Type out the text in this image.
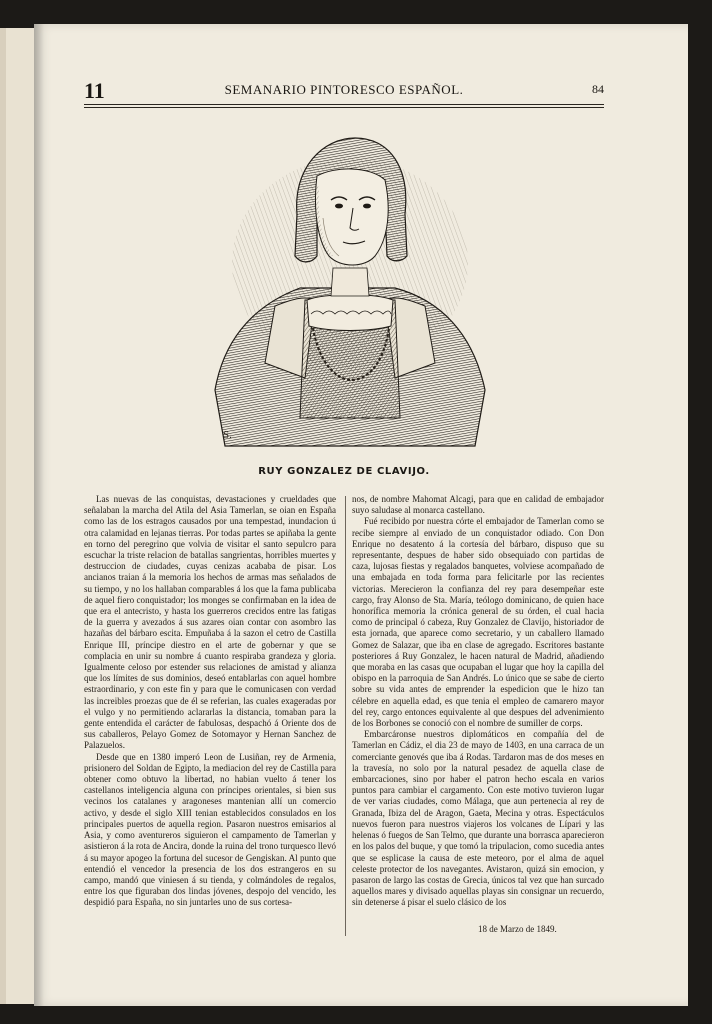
11	SEMANARIO PINTORESCO ESPAÑOL.	84
S.
RUY GONZALEZ DE CLAVIJO.

Las nuevas de las conquistas, devastaciones y crueldades que señalaban la marcha del Atila del Asia Tamerlan, se oian en España como las de los estragos causados por una tempestad, inundacion ú otra calamidad en lejanas tierras. Por todas partes se apiñaba la gente en torno del peregrino que volvia de visitar el santo sepulcro para escuchar la triste relacion de batallas sangrientas, horribles muertes y destruccion de ciudades, cuyas cenizas acababa de pisar. Los ancianos traian á la memoria los hechos de armas mas señalados de su tiempo, y no los hallaban comparables á los que la fama publicaba de aquel fiero conquistador; los monges se confirmaban en la idea de que era el antecristo, y hasta los guerreros crecidos entre las fatigas de la guerra y avezados á sus azares oian contar con asombro las hazañas del bárbaro escita. Empuñaba á la sazon el cetro de Castilla Enrique III, príncipe diestro en el arte de gobernar y que se complacia en unir su nombre á cuanto respiraba grandeza y gloria. Igualmente celoso por estender sus relaciones de amistad y alianza que los límites de sus dominios, deseó entablarlas con aquel hombre estraordinario, y con este fin y para que le comunicasen con verdad las increibles proezas que de él se referian, las cuales exageradas por el vulgo y no permitiendo aclararlas la distancia, tomaban para la gente entendida el carácter de fabulosas, despachó á Oriente dos de sus caballeros, Pelayo Gomez de Sotomayor y Hernan Sanchez de Palazuelos.

Desde que en 1380 imperó Leon de Lusiñan, rey de Armenia, prisionero del Soldan de Egipto, la mediacion del rey de Castilla para obtener como obtuvo la libertad, no habian vuelto á tener los castellanos inteligencia alguna con príncipes orientales, si bien sus vecinos los catalanes y aragoneses mantenian allí un comercio activo, y desde el siglo XIII tenian establecidos consulados en los principales puertos de aquella region. Pasaron nuestros emisarios al Asia, y como aventureros siguieron el campamento de Tamerlan y asistieron á la rota de Ancira, donde la ruina del trono turquesco llevó á su mayor apogeo la fortuna del sucesor de Gengiskan. Al punto que entendió el vencedor la presencia de los dos estrangeros en su campo, mandó que viniesen á su tienda, y colmándoles de regalos, entre los que figuraban dos lindas jóvenes, despojo del vencido, les despidió para España, no sin juntarles uno de sus cortesa-

nos, de nombre Mahomat Alcagi, para que en calidad de embajador suyo saludase al monarca castellano.

Fué recibido por nuestra córte el embajador de Tamerlan como se recibe siempre al enviado de un conquistador odiado. Con Don Enrique no desatento á la cortesía del bárbaro, dispuso que su representante, despues de haber sido obsequiado con partidas de caza, lujosas fiestas y regalados banquetes, volviese acompañado de una embajada en toda forma para felicitarle por las recientes victorias. Merecieron la confianza del rey para desempeñar este cargo, fray Alonso de Sta. María, teólogo dominicano, de quien hace honorífica memoria la crónica general de su órden, el cual hacia como de principal ó cabeza, Ruy Gonzalez de Clavijo, historiador de esta jornada, que aparece como secretario, y un caballero llamado Gomez de Salazar, que iba en clase de agregado. Escritores bastante posteriores á Ruy Gonzalez, le hacen natural de Madrid, añadiendo que moraba en las casas que ocupaban el lugar que hoy la capilla del obispo en la parroquia de San Andrés. Lo único que se sabe de cierto sobre su vida antes de emprender la espedicion que le hizo tan célebre en aquella edad, es que tenia el empleo de camarero mayor del rey, cargo entonces equivalente al que despues del advenimiento de los Borbones se conoció con el nombre de sumiller de corps.

Embarcáronse nuestros diplomáticos en compañía del de Tamerlan en Cádiz, el dia 23 de mayo de 1403, en una carraca de un comerciante genovés que iba á Rodas. Tardaron mas de dos meses en la travesía, no solo por la natural pesadez de aquella clase de embarcaciones, sino por haber el patron hecho escala en varios puntos para cambiar el cargamento. Con este motivo tuvieron lugar de ver varias ciudades, como Málaga, que aun pertenecia al rey de Granada, Ibiza del de Aragon, Gaeta, Mecina y otras. Espectáculos nuevos fueron para nuestros viajeros los volcanes de Lípari y las helenas ó fuegos de San Telmo, que durante una borrasca aparecieron en los palos del buque, y que tomó la tripulacion, como sucedia antes que se esplicase la causa de este meteoro, por el alma de aquel celeste protector de los navegantes. Avistaron, quizá sin emocion, y pasaron de largo las costas de Grecia, únicos tal vez que han surcado aquellos mares y divisado aquellas playas sin consignar un recuerdo, sin detenerse á pisar el suelo clásico de los

18 de Marzo de 1849.
